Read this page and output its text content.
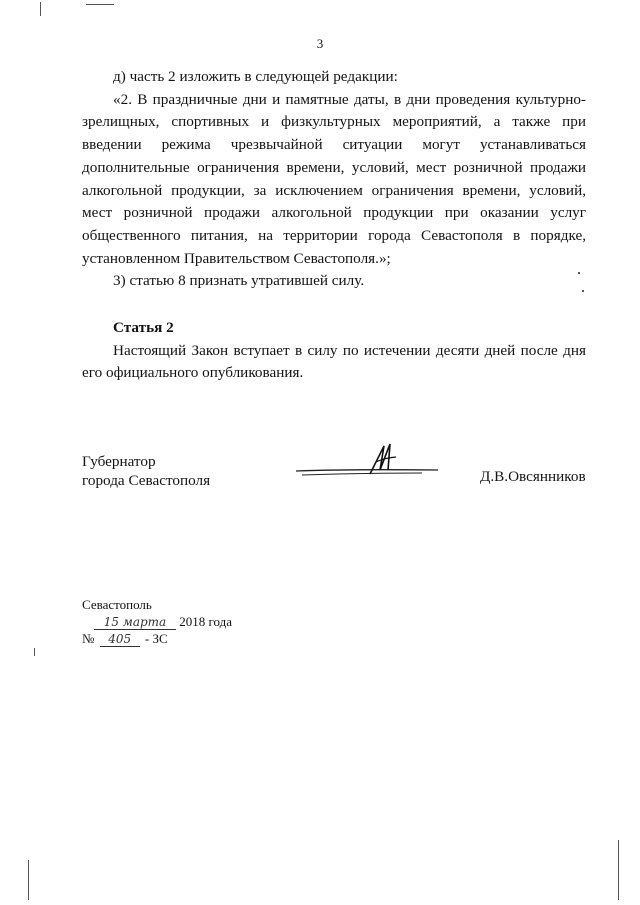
3

д) часть 2 изложить в следующей редакции:

«2. В праздничные дни и памятные даты, в дни проведения культурно-зрелищных, спортивных и физкультурных мероприятий, а также при введении режима чрезвычайной ситуации могут устанавливаться дополнительные ограничения времени, условий, мест розничной продажи алкогольной продукции, за исключением ограничения времени, условий, мест розничной продажи алкогольной продукции при оказании услуг общественного питания, на территории города Севастополя в порядке, установленном Правительством Севастополя.»;

3) статью 8 признать утратившей силу.

Статья 2

Настоящий Закон вступает в силу по истечении десяти дней после дня его официального опубликования.

Губернатор
города Севастополя	Д.В.Овсянников
Севастополь
15 марта 2018 года
№ 405 - ЗС
